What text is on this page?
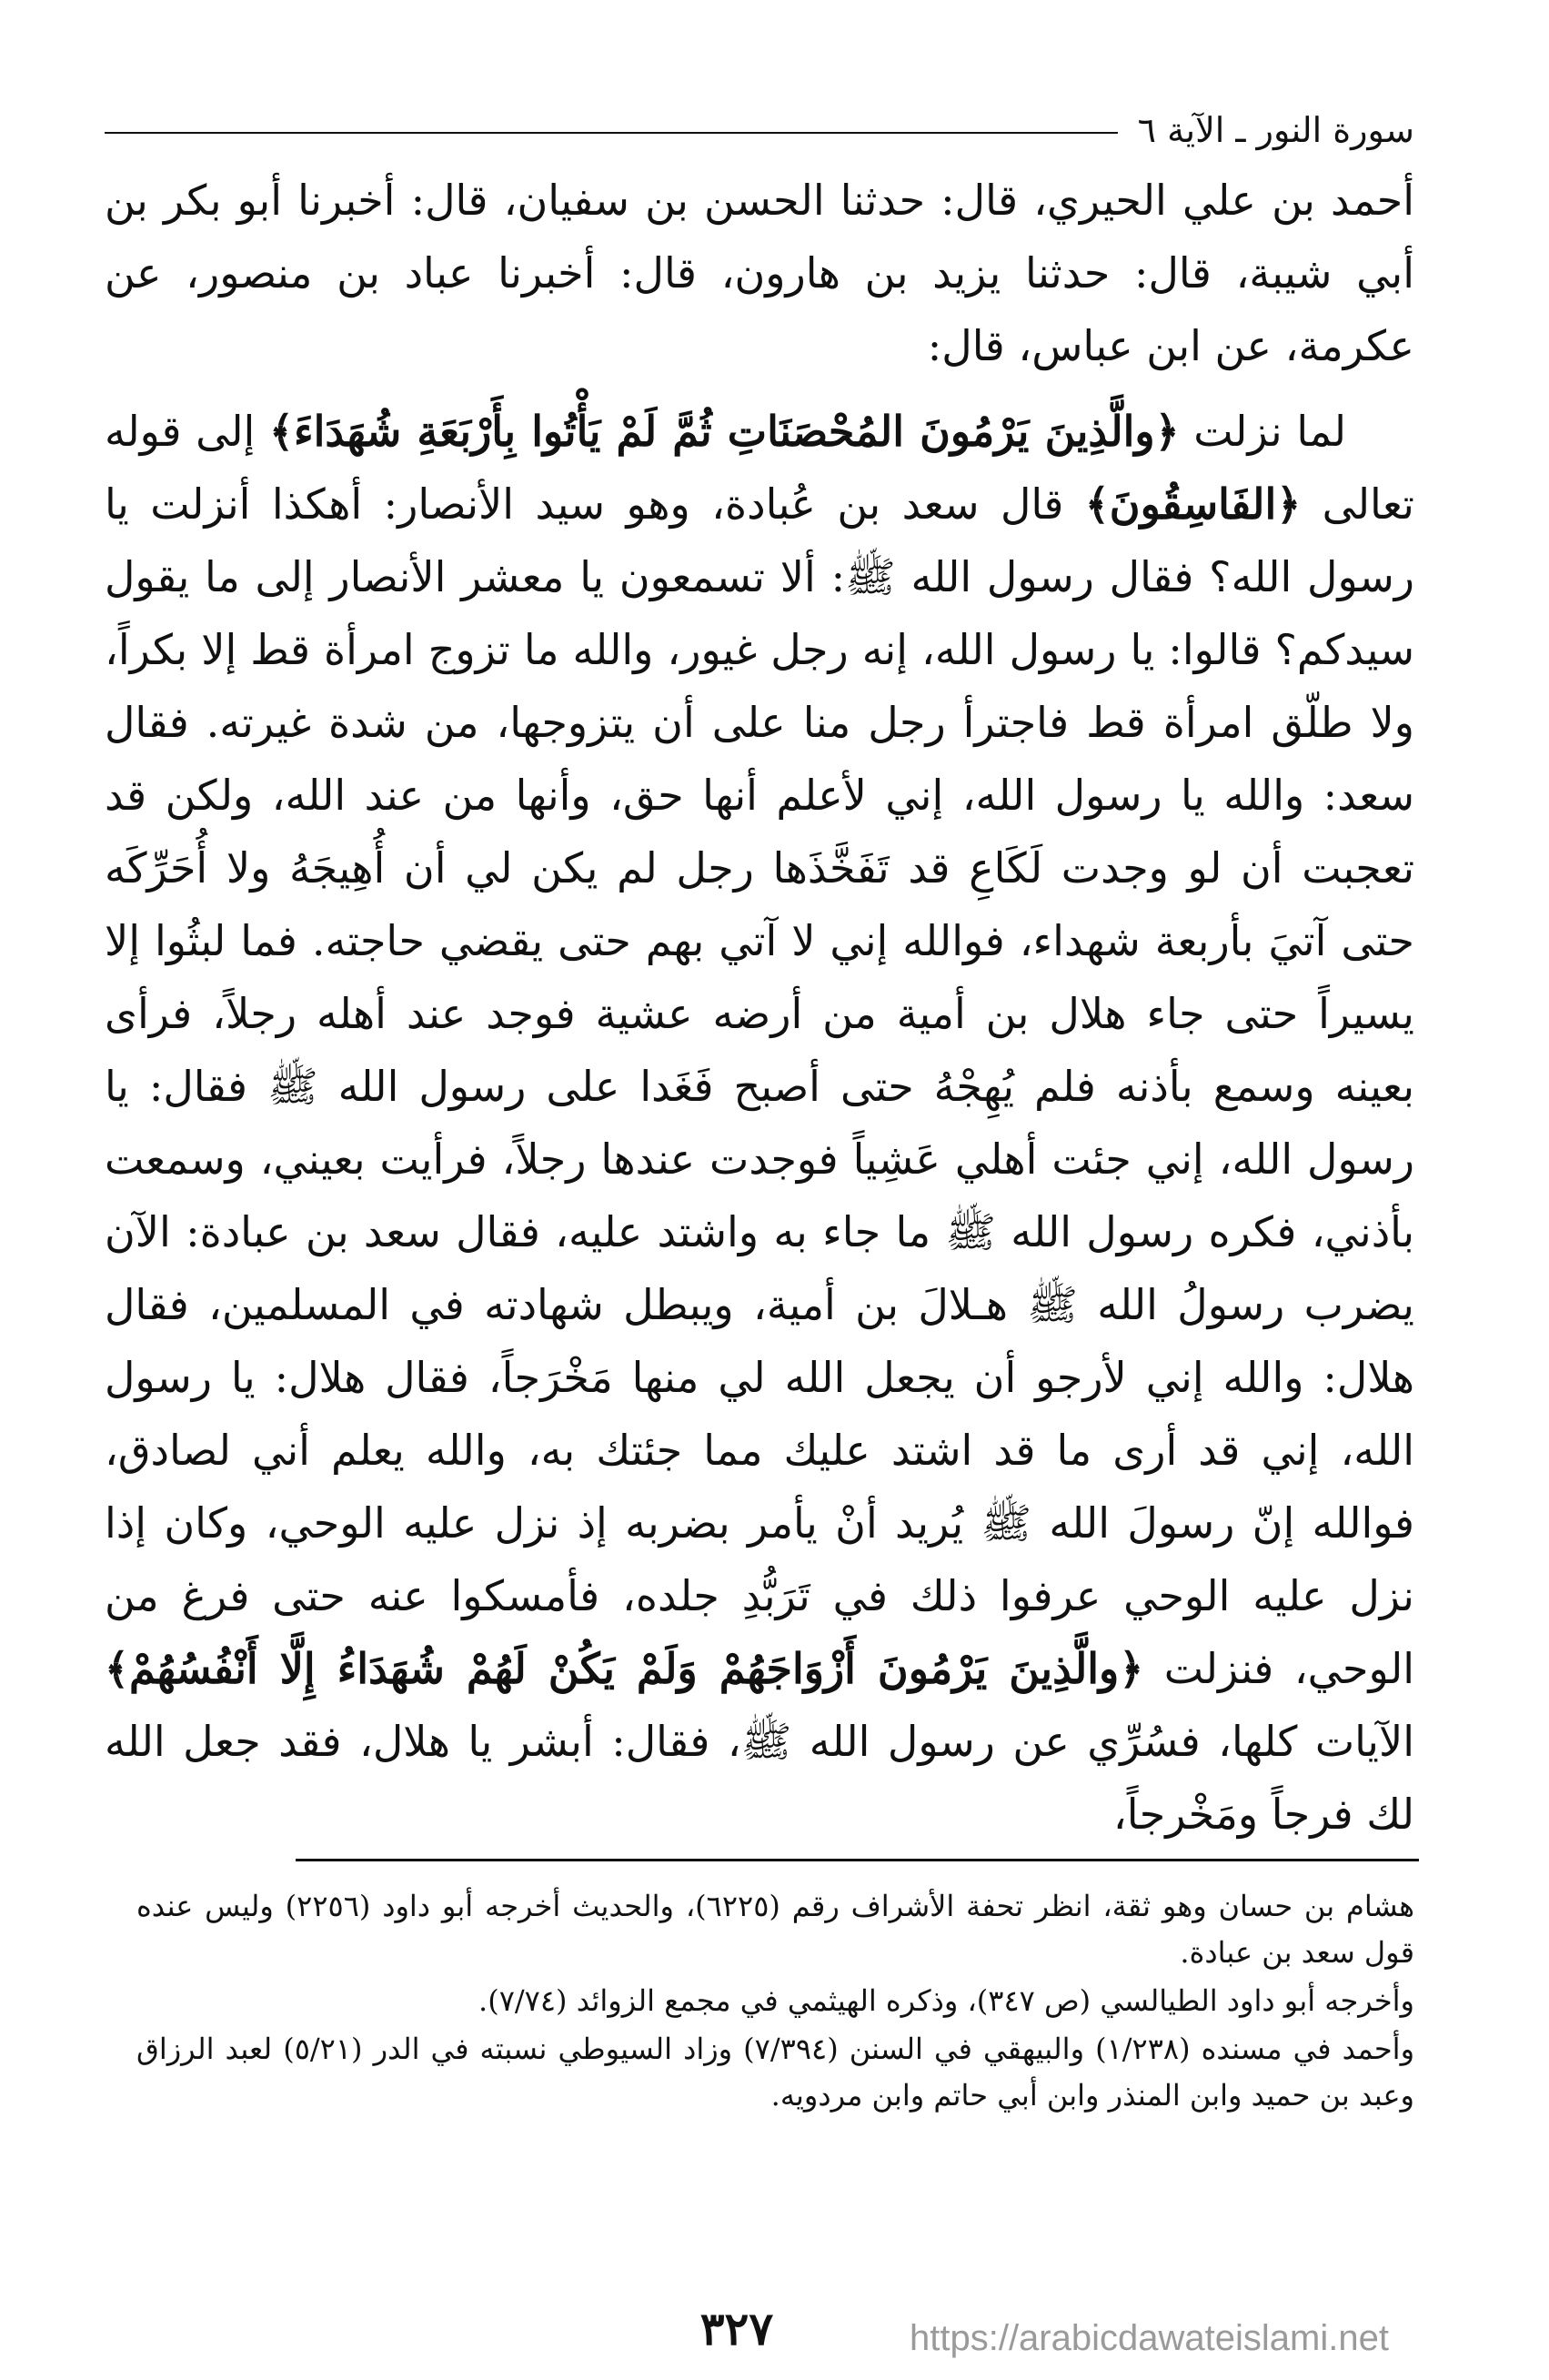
سورة النور ـ الآية ٦

أحمد بن علي الحيري، قال: حدثنا الحسن بن سفيان، قال: أخبرنا أبو بكر بن أبي شيبة، قال: حدثنا يزيد بن هارون، قال: أخبرنا عباد بن منصور، عن عكرمة، عن ابن عباس، قال:

لما نزلت ﴿والَّذِينَ يَرْمُونَ المُحْصَنَاتِ ثُمَّ لَمْ يَأْتُوا بِأَرْبَعَةِ شُهَدَاءَ﴾ إلى قوله تعالى ﴿الفَاسِقُونَ﴾ قال سعد بن عُبادة، وهو سيد الأنصار: أهكذا أنزلت يا رسول الله؟ فقال رسول الله ﷺ: ألا تسمعون يا معشر الأنصار إلى ما يقول سيدكم؟ قالوا: يا رسول الله، إنه رجل غيور، والله ما تزوج امرأة قط إلا بكراً، ولا طلّق امرأة قط فاجترأ رجل منا على أن يتزوجها، من شدة غيرته. فقال سعد: والله يا رسول الله، إني لأعلم أنها حق، وأنها من عند الله، ولكن قد تعجبت أن لو وجدت لَكَاعِ قد تَفَخَّذَها رجل لم يكن لي أن أُهِيجَهُ ولا أُحَرِّكَه حتى آتيَ بأربعة شهداء، فوالله إني لا آتي بهم حتى يقضي حاجته. فما لبثُوا إلا يسيراً حتى جاء هلال بن أمية من أرضه عشية فوجد عند أهله رجلاً، فرأى بعينه وسمع بأذنه فلم يُهِجْهُ حتى أصبح فَغَدا على رسول الله ﷺ فقال: يا رسول الله، إني جئت أهلي عَشِياً فوجدت عندها رجلاً، فرأيت بعيني، وسمعت بأذني، فكره رسول الله ﷺ ما جاء به واشتد عليه، فقال سعد بن عبادة: الآن يضرب رسولُ الله ﷺ هـلالَ بن أمية، ويبطل شهادته في المسلمين، فقال هلال: والله إني لأرجو أن يجعل الله لي منها مَخْرَجاً، فقال هلال: يا رسول الله، إني قد أرى ما قد اشتد عليك مما جئتك به، والله يعلم أني لصادق، فوالله إنّ رسولَ الله ﷺ يُريد أنْ يأمر بضربه إذ نزل عليه الوحي، وكان إذا نزل عليه الوحي عرفوا ذلك في تَرَبُّدِ جلده، فأمسكوا عنه حتى فرغ من الوحي، فنزلت ﴿والَّذِينَ يَرْمُونَ أَزْوَاجَهُمْ وَلَمْ يَكُنْ لَهُمْ شُهَدَاءُ إِلَّا أَنْفُسُهُمْ﴾ الآيات كلها، فسُرِّي عن رسول الله ﷺ، فقال: أبشر يا هلال، فقد جعل الله لك فرجاً ومَخْرجاً،

هشام بن حسان وهو ثقة، انظر تحفة الأشراف رقم (٦٢٢٥)، والحديث أخرجه أبو داود (٢٢٥٦) وليس عنده قول سعد بن عبادة.

وأخرجه أبو داود الطيالسي (ص ٣٤٧)، وذكره الهيثمي في مجمع الزوائد (٧/٧٤).

وأحمد في مسنده (١/٢٣٨) والبيهقي في السنن (٧/٣٩٤) وزاد السيوطي نسبته في الدر (٥/٢١) لعبد الرزاق وعبد بن حميد وابن المنذر وابن أبي حاتم وابن مردويه.

٣٢٧	https://arabicdawateislami.net
